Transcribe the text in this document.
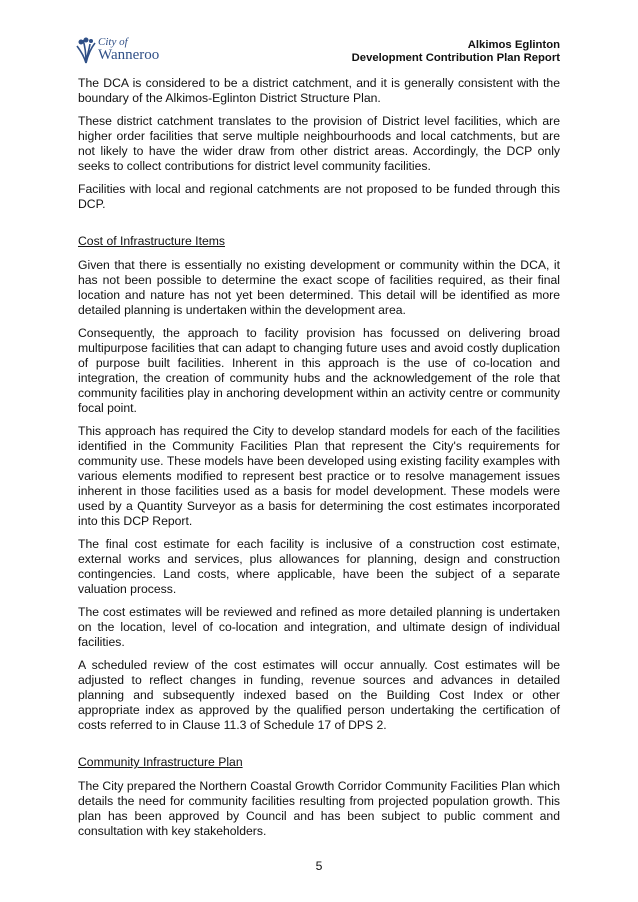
City of
Wanneroo
Alkimos Eglinton
Development Contribution Plan Report

The DCA is considered to be a district catchment, and it is generally consistent with the boundary of the Alkimos-Eglinton District Structure Plan.

These district catchment translates to the provision of District level facilities, which are higher order facilities that serve multiple neighbourhoods and local catchments, but are not likely to have the wider draw from other district areas. Accordingly, the DCP only seeks to collect contributions for district level community facilities.

Facilities with local and regional catchments are not proposed to be funded through this DCP.

Cost of Infrastructure Items

Given that there is essentially no existing development or community within the DCA, it has not been possible to determine the exact scope of facilities required, as their final location and nature has not yet been determined. This detail will be identified as more detailed planning is undertaken within the development area.

Consequently, the approach to facility provision has focussed on delivering broad multipurpose facilities that can adapt to changing future uses and avoid costly duplication of purpose built facilities. Inherent in this approach is the use of co-location and integration, the creation of community hubs and the acknowledgement of the role that community facilities play in anchoring development within an activity centre or community focal point.

This approach has required the City to develop standard models for each of the facilities identified in the Community Facilities Plan that represent the City's requirements for community use. These models have been developed using existing facility examples with various elements modified to represent best practice or to resolve management issues inherent in those facilities used as a basis for model development. These models were used by a Quantity Surveyor as a basis for determining the cost estimates incorporated into this DCP Report.

The final cost estimate for each facility is inclusive of a construction cost estimate, external works and services, plus allowances for planning, design and construction contingencies. Land costs, where applicable, have been the subject of a separate valuation process.

The cost estimates will be reviewed and refined as more detailed planning is undertaken on the location, level of co-location and integration, and ultimate design of individual facilities.

A scheduled review of the cost estimates will occur annually. Cost estimates will be adjusted to reflect changes in funding, revenue sources and advances in detailed planning and subsequently indexed based on the Building Cost Index or other appropriate index as approved by the qualified person undertaking the certification of costs referred to in Clause 11.3 of Schedule 17 of DPS 2.

Community Infrastructure Plan

The City prepared the Northern Coastal Growth Corridor Community Facilities Plan which details the need for community facilities resulting from projected population growth. This plan has been approved by Council and has been subject to public comment and consultation with key stakeholders.

5
